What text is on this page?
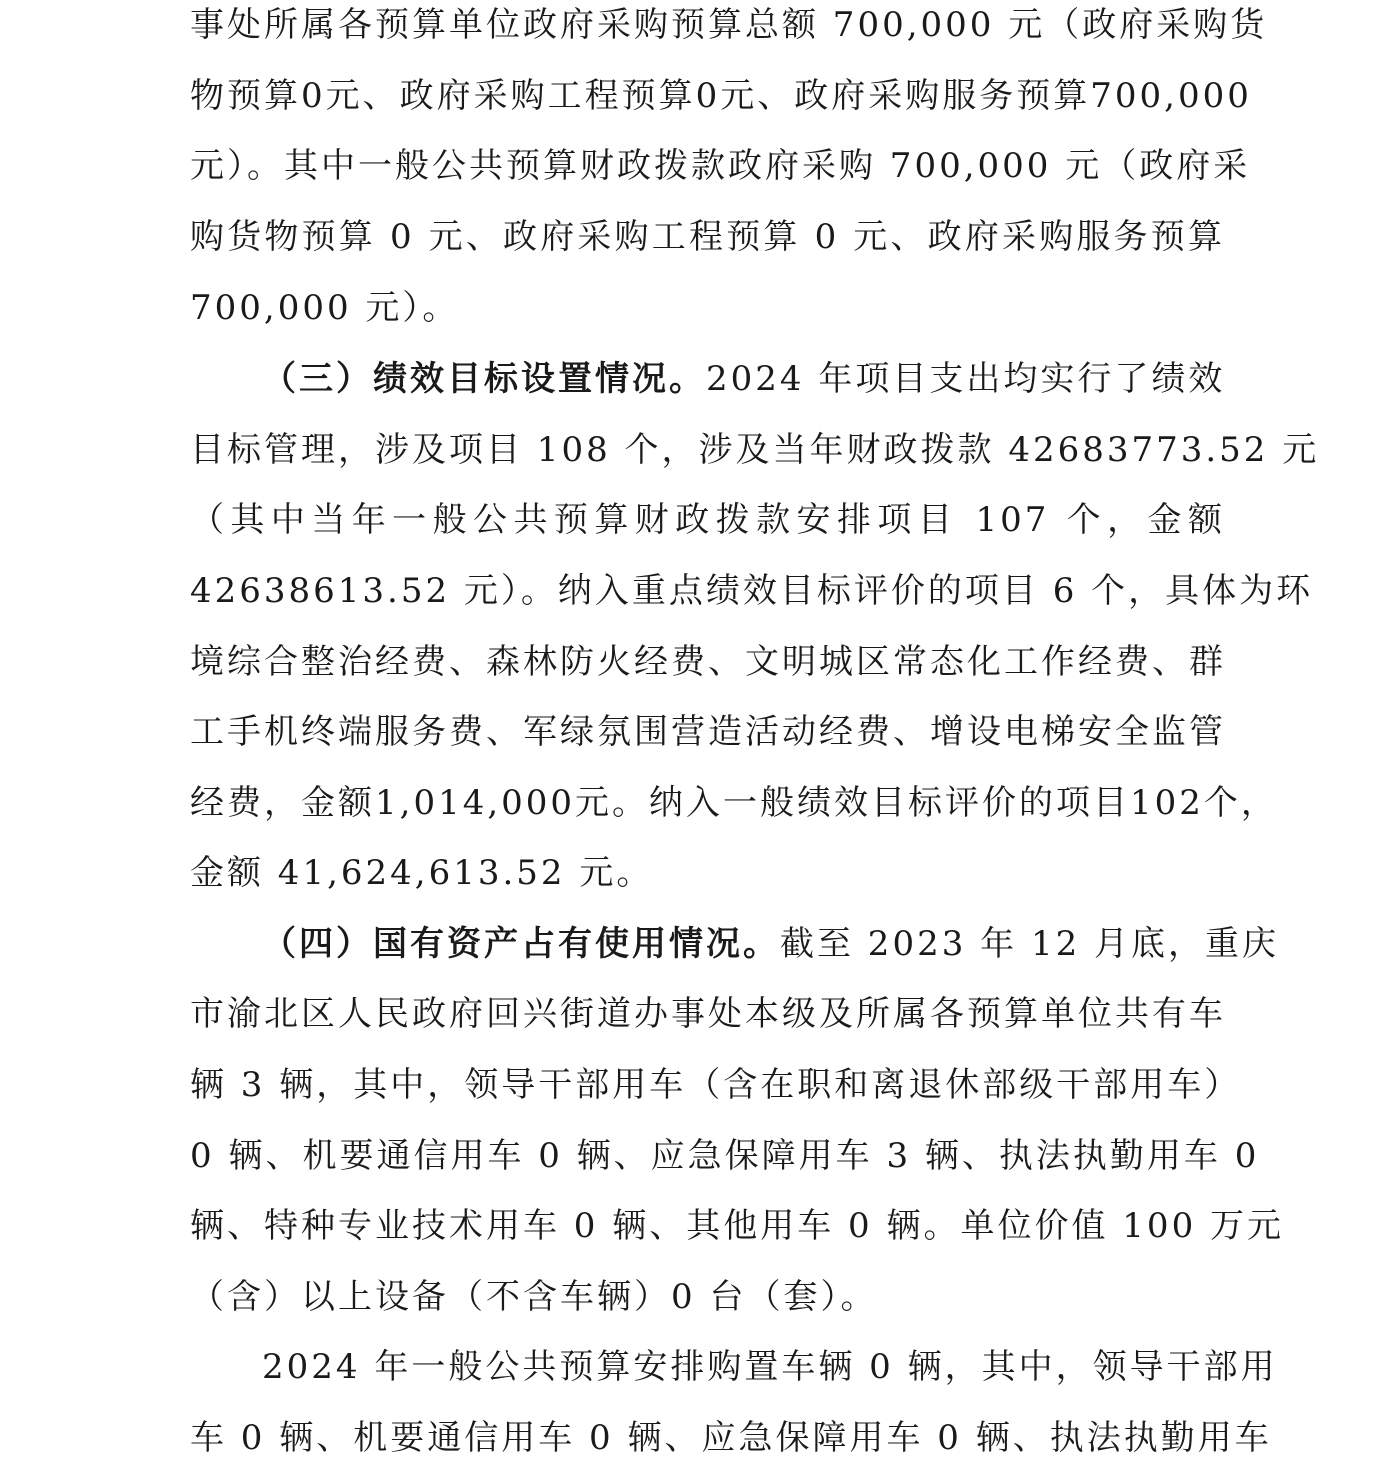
事处所属各预算单位政府采购预算总额 700,000 元（政府采购货
物预算0元、政府采购工程预算0元、政府采购服务预算700,000
元）。其中一般公共预算财政拨款政府采购 700,000 元（政府采
购货物预算 0 元、政府采购工程预算 0 元、政府采购服务预算
700,000 元）。
（三）绩效目标设置情况。2024 年项目支出均实行了绩效
目标管理，涉及项目 108 个，涉及当年财政拨款 42683773.52 元
（其中当年一般公共预算财政拨款安排项目 107 个，金额
42638613.52 元）。纳入重点绩效目标评价的项目 6 个，具体为环
境综合整治经费、森林防火经费、文明城区常态化工作经费、群
工手机终端服务费、军绿氛围营造活动经费、增设电梯安全监管
经费，金额1,014,000元。纳入一般绩效目标评价的项目102个，
金额 41,624,613.52 元。
（四）国有资产占有使用情况。截至 2023 年 12 月底，重庆
市渝北区人民政府回兴街道办事处本级及所属各预算单位共有车
辆 3 辆，其中，领导干部用车（含在职和离退休部级干部用车）
0 辆、机要通信用车 0 辆、应急保障用车 3 辆、执法执勤用车 0
辆、特种专业技术用车 0 辆、其他用车 0 辆。单位价值 100 万元
（含）以上设备（不含车辆）0 台（套）。
2024 年一般公共预算安排购置车辆 0 辆，其中，领导干部用
车 0 辆、机要通信用车 0 辆、应急保障用车 0 辆、执法执勤用车
